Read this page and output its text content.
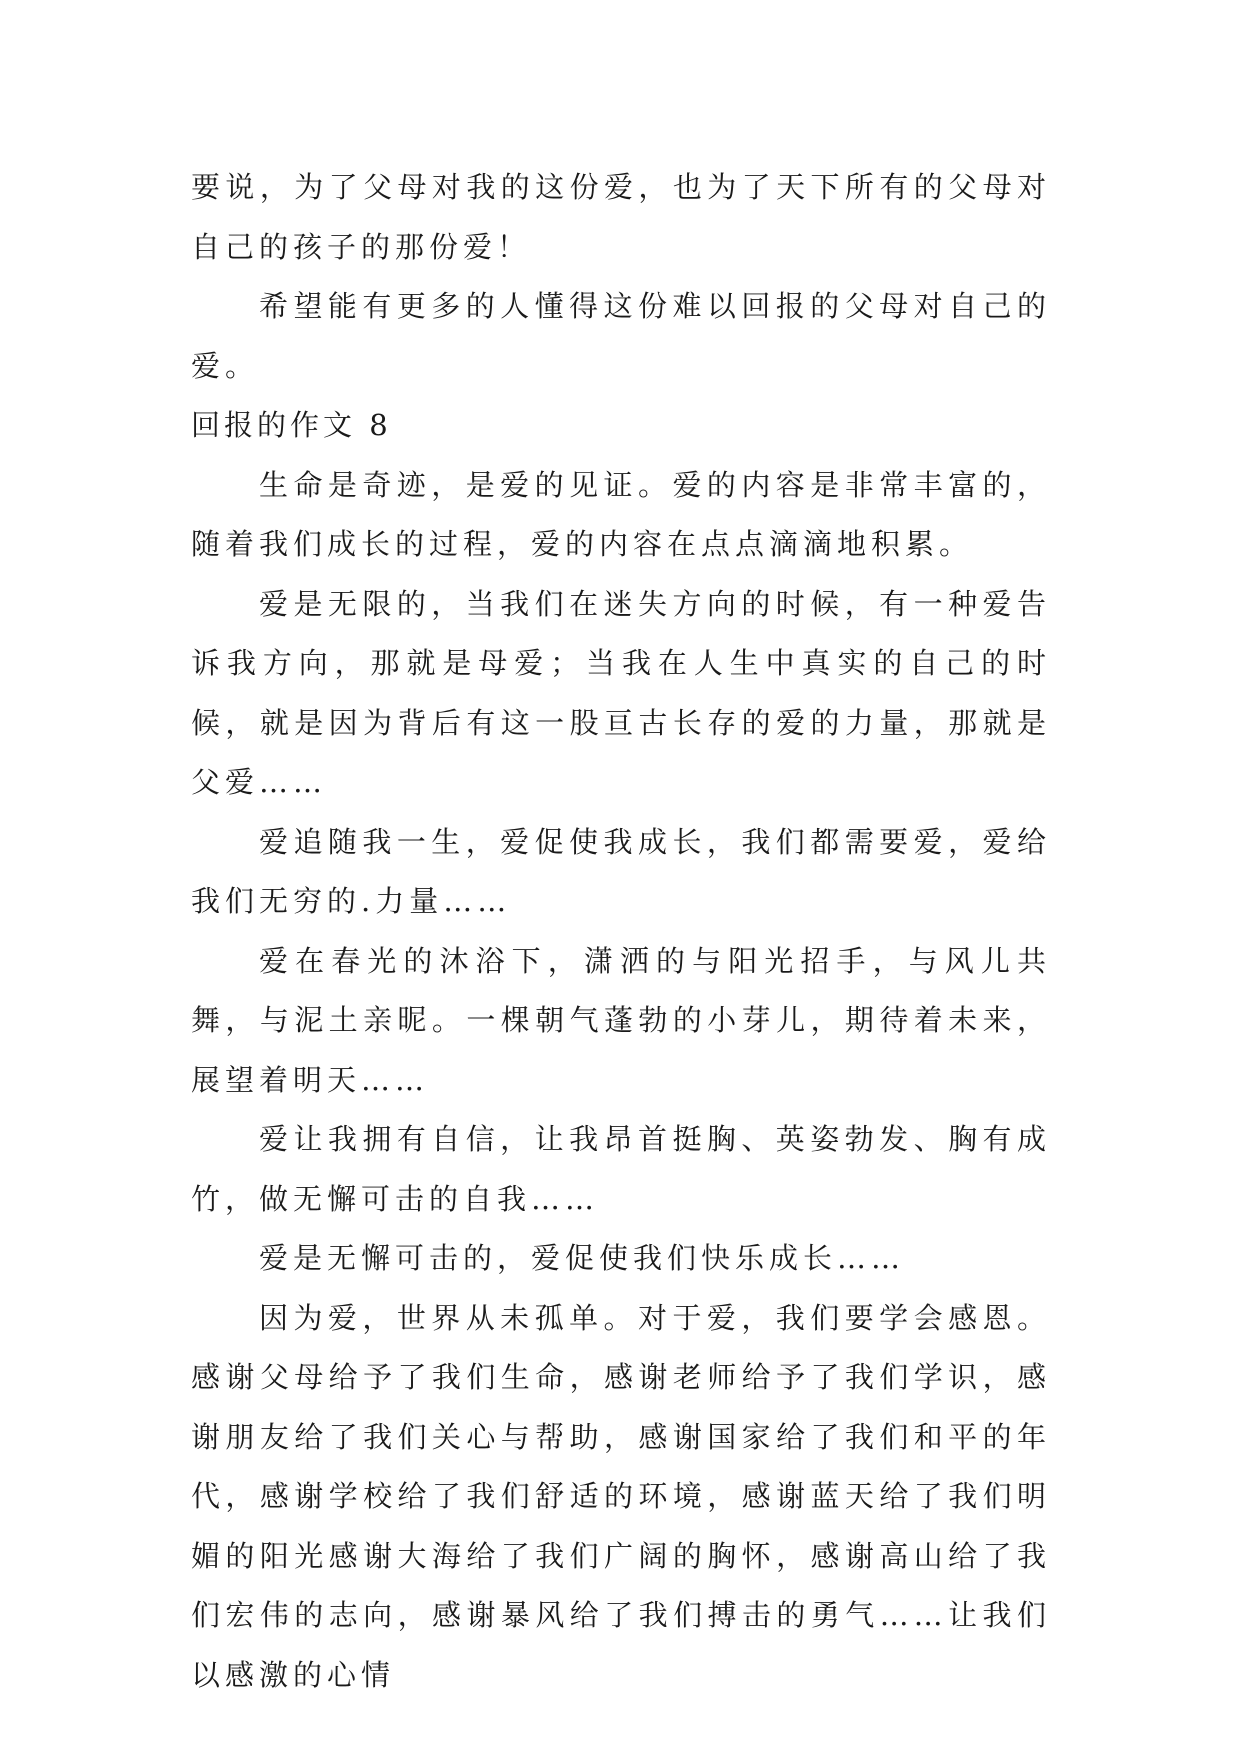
要说，为了父母对我的这份爱，也为了天下所有的父母对自己的孩子的那份爱！

希望能有更多的人懂得这份难以回报的父母对自己的爱。

回报的作文 8

生命是奇迹，是爱的见证。爱的内容是非常丰富的，随着我们成长的过程，爱的内容在点点滴滴地积累。

爱是无限的，当我们在迷失方向的时候，有一种爱告诉我方向，那就是母爱；当我在人生中真实的自己的时候，就是因为背后有这一股亘古长存的爱的力量，那就是父爱……

爱追随我一生，爱促使我成长，我们都需要爱，爱给我们无穷的.力量……

爱在春光的沐浴下，潇洒的与阳光招手，与风儿共舞，与泥土亲昵。一棵朝气蓬勃的小芽儿，期待着未来，展望着明天……

爱让我拥有自信，让我昂首挺胸、英姿勃发、胸有成竹，做无懈可击的自我……

爱是无懈可击的，爱促使我们快乐成长……

因为爱，世界从未孤单。对于爱，我们要学会感恩。感谢父母给予了我们生命，感谢老师给予了我们学识，感谢朋友给了我们关心与帮助，感谢国家给了我们和平的年代，感谢学校给了我们舒适的环境，感谢蓝天给了我们明媚的阳光感谢大海给了我们广阔的胸怀，感谢高山给了我们宏伟的志向，感谢暴风给了我们搏击的勇气……让我们以感激的心情
